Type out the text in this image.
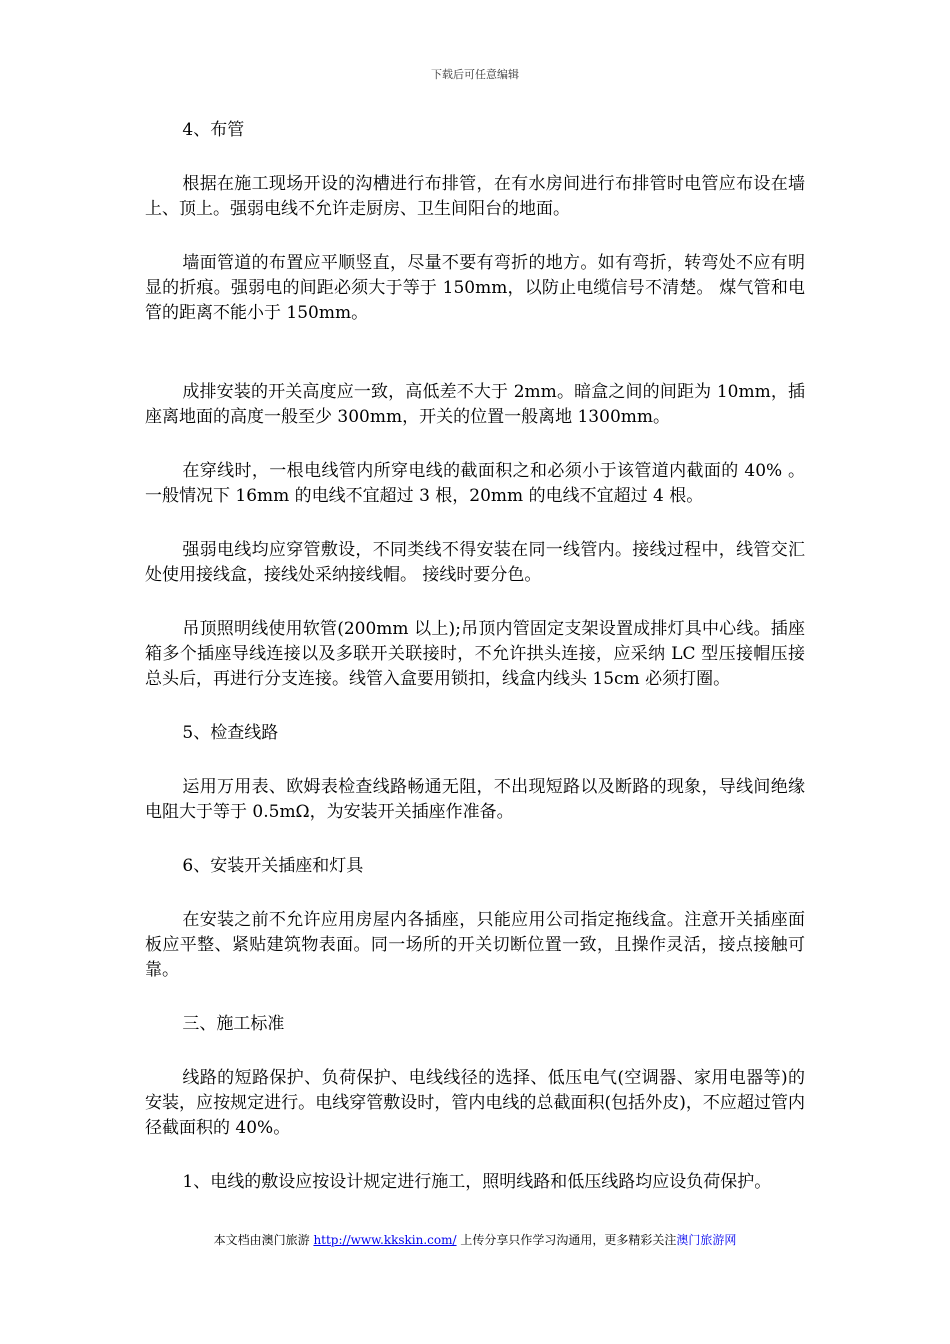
下载后可任意编辑

4、布管

根据在施工现场开设的沟槽进行布排管，在有水房间进行布排管时电管应布设在墙上、顶上。强弱电线不允许走厨房、卫生间阳台的地面。

墙面管道的布置应平顺竖直，尽量不要有弯折的地方。如有弯折，转弯处不应有明显的折痕。强弱电的间距必须大于等于 150mm，以防止电缆信号不清楚。 煤气管和电管的距离不能小于 150mm。

成排安装的开关高度应一致，高低差不大于 2mm。暗盒之间的间距为 10mm，插座离地面的高度一般至少 300mm，开关的位置一般离地 1300mm。

在穿线时，一根电线管内所穿电线的截面积之和必须小于该管道内截面的 40% 。一般情况下 16mm 的电线不宜超过 3 根，20mm 的电线不宜超过 4 根。

强弱电线均应穿管敷设，不同类线不得安装在同一线管内。接线过程中，线管交汇处使用接线盒，接线处采纳接线帽。 接线时要分色。

吊顶照明线使用软管(200mm 以上);吊顶内管固定支架设置成排灯具中心线。插座箱多个插座导线连接以及多联开关联接时，不允许拱头连接，应采纳 LC 型压接帽压接总头后，再进行分支连接。线管入盒要用锁扣，线盒内线头 15cm 必须打圈。

5、检查线路

运用万用表、欧姆表检查线路畅通无阻，不出现短路以及断路的现象，导线间绝缘电阻大于等于 0.5mΩ，为安装开关插座作准备。

6、安装开关插座和灯具

在安装之前不允许应用房屋内各插座，只能应用公司指定拖线盒。注意开关插座面板应平整、紧贴建筑物表面。同一场所的开关切断位置一致，且操作灵活，接点接触可靠。

三、施工标准

线路的短路保护、负荷保护、电线线径的选择、低压电气(空调器、家用电器等)的安装，应按规定进行。电线穿管敷设时，管内电线的总截面积(包括外皮)，不应超过管内径截面积的 40%。

1、电线的敷设应按设计规定进行施工，照明线路和低压线路均应设负荷保护。

本文档由澳门旅游 http://www.kkskin.com/ 上传分享只作学习沟通用，更多精彩关注澳门旅游网
